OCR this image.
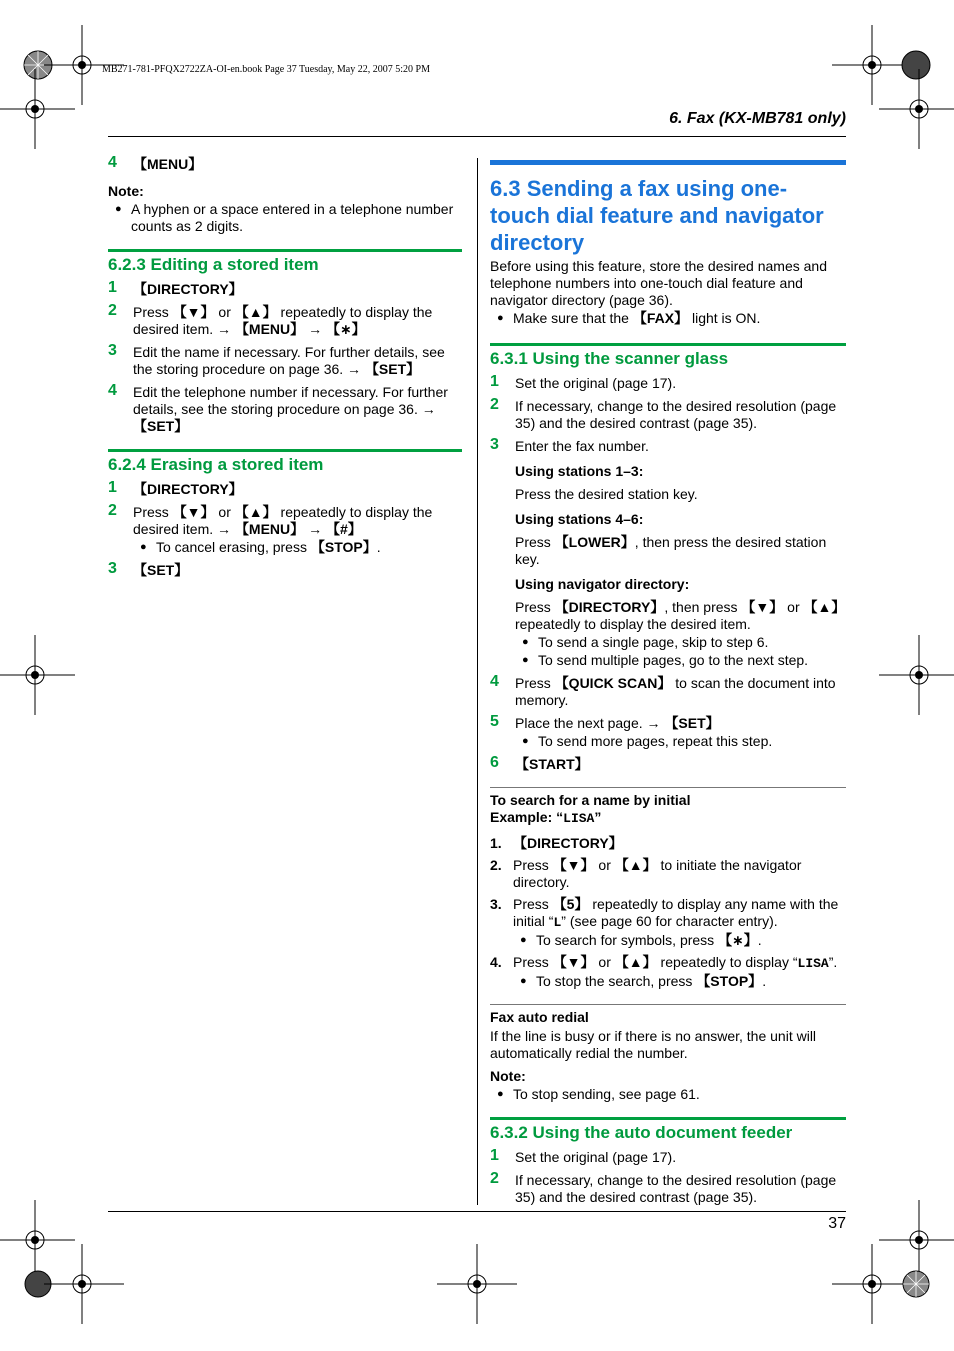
MB271-781-PFQX2722ZA-OI-en.book Page 37 Tuesday, May 22, 2007 5:20 PM
6. Fax (KX-MB781 only)
37
4 【MENU】
Note:
● A hyphen or a space entered in a telephone number counts as 2 digits.
6.2.3 Editing a stored item
1 【DIRECTORY】
2 Press 【▼】 or 【▲】 repeatedly to display the desired item. → 【MENU】 → 【∗】
3 Edit the name if necessary. For further details, see the storing procedure on page 36. → 【SET】
4 Edit the telephone number if necessary. For further details, see the storing procedure on page 36. → 【SET】
6.2.4 Erasing a stored item
1 【DIRECTORY】
2 Press 【▼】 or 【▲】 repeatedly to display the desired item. → 【MENU】 → 【#】
● To cancel erasing, press 【STOP】.
3 【SET】
6.3 Sending a fax using one-touch dial feature and navigator directory
Before using this feature, store the desired names and telephone numbers into one-touch dial feature and navigator directory (page 36).
● Make sure that the 【FAX】 light is ON.
6.3.1 Using the scanner glass
1 Set the original (page 17).
2 If necessary, change to the desired resolution (page 35) and the desired contrast (page 35).
3 Enter the fax number.
Using stations 1–3:
Press the desired station key.
Using stations 4–6:
Press 【LOWER】, then press the desired station key.
Using navigator directory:
Press 【DIRECTORY】, then press 【▼】 or 【▲】 repeatedly to display the desired item.
● To send a single page, skip to step 6.
● To send multiple pages, go to the next step.
4 Press 【QUICK SCAN】 to scan the document into memory.
5 Place the next page. → 【SET】
● To send more pages, repeat this step.
6 【START】
To search for a name by initial
Example: “LISA”
1. 【DIRECTORY】
2. Press 【▼】 or 【▲】 to initiate the navigator directory.
3. Press 【5】 repeatedly to display any name with the initial “L” (see page 60 for character entry).
● To search for symbols, press 【∗】.
4. Press 【▼】 or 【▲】 repeatedly to display “LISA”.
● To stop the search, press 【STOP】.
Fax auto redial
If the line is busy or if there is no answer, the unit will automatically redial the number.
Note:
● To stop sending, see page 61.
6.3.2 Using the auto document feeder
1 Set the original (page 17).
2 If necessary, change to the desired resolution (page 35) and the desired contrast (page 35).
